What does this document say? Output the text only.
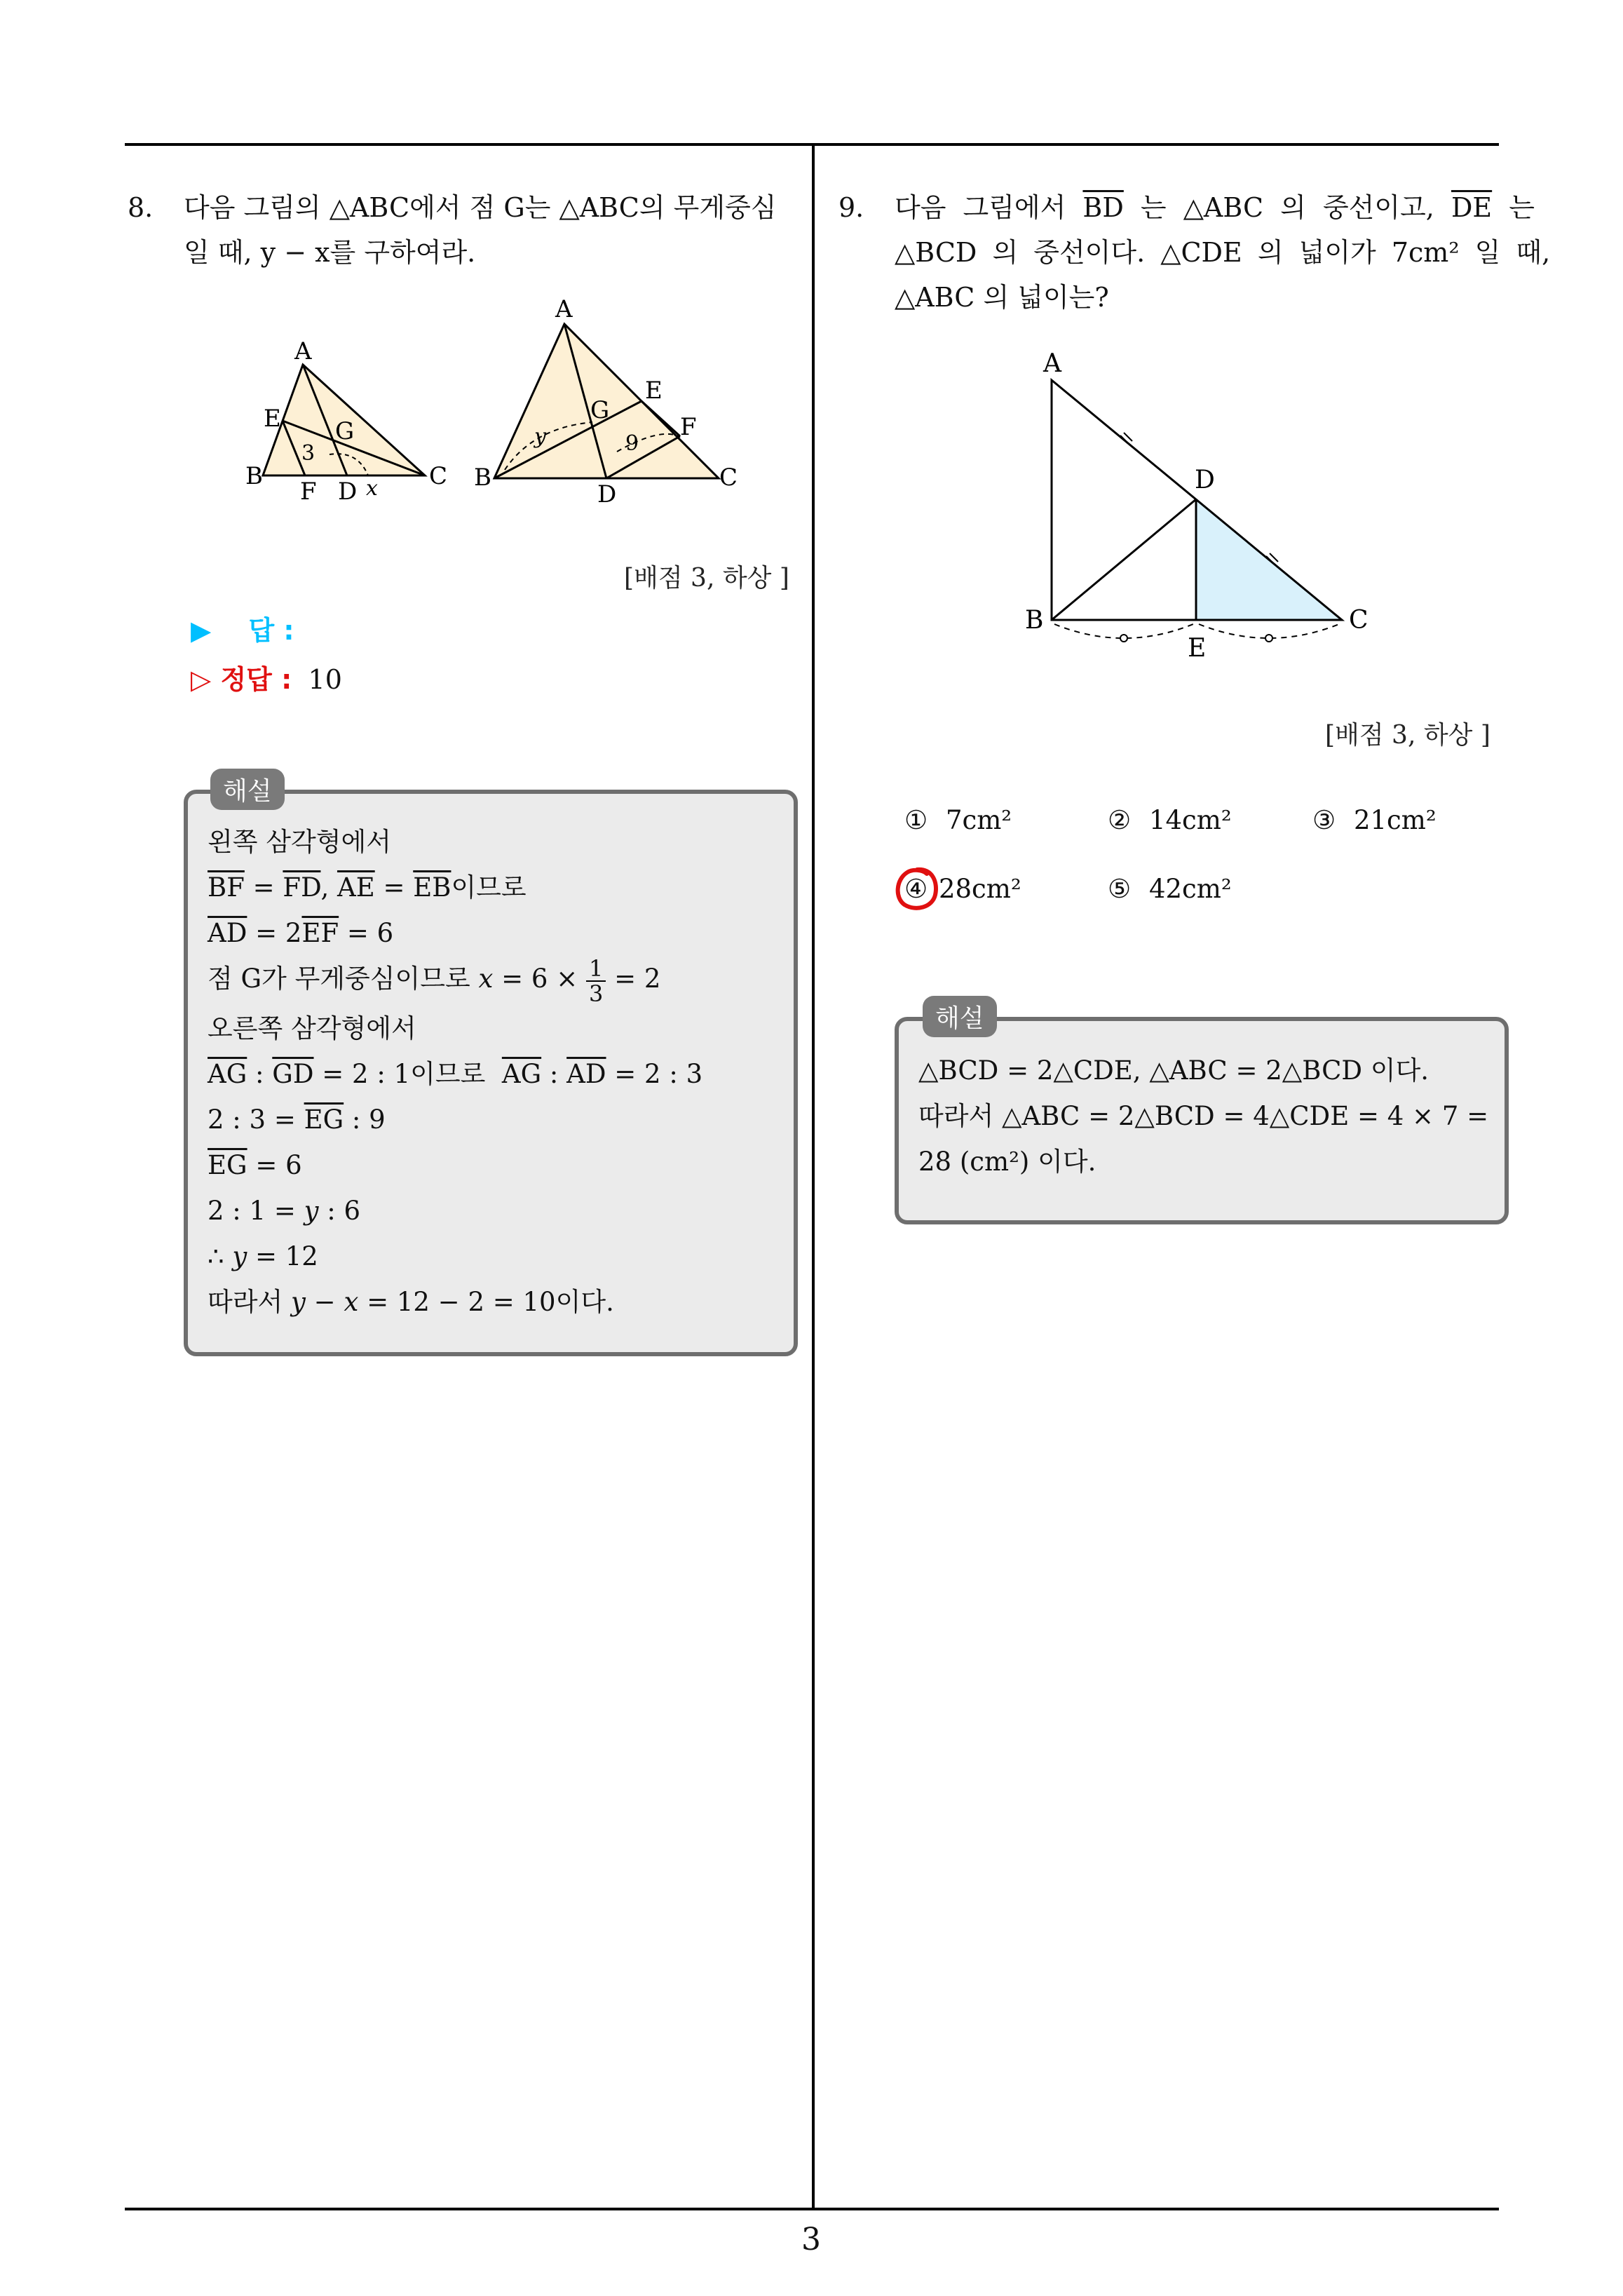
3
8. 다음 그림의 △ABC에서 점 G는 △ABC의 무게중심
일 때, y − x를 구하여라.
A
E G
3
B
F D x C
A
G
E
F
y	9
B
D
C
[배점 3, 하상 ]
▶ 답 :
▷ 정답 : 10
해설
왼쪽 삼각형에서
$\overline{BF} = \overline{FD}$, $\overline{AE} = \overline{EB}$이므로
$\overline{AD} = 2\overline{EF} = 6$
점 G가 무게중심이므로 $x = 6 \times \frac{1}{3} = 2$
오른쪽 삼각형에서
$\overline{AG}$ : $\overline{GD} = 2$ : 1이므로  $\overline{AG}$ : $\overline{AD} = 2$ : 3
2 : $3 = \overline{EG}$ : 9
$\overline{EG} = 6$
2 : 1 = y : 6
∴ y = 12
따라서 y − x = 12 − 2 = 10이다.
9. 다음 그림에서 $\overline{BD}$ 는 △ABC 의 중선이고, $\overline{DE}$ 는
△BCD 의 중선이다. △CDE 의 넓이가 7cm² 일 때,
△ABC 의 넓이는?
A
D
B	C
E
[배점 3, 하상 ]
① 7cm²	② 14cm²	③ 21cm²
④ 28cm²	⑤ 42cm²
해설
△BCD = 2△CDE, △ABC = 2△BCD 이다.
따라서 △ABC = 2△BCD = 4△CDE = 4 × 7 =
28 (cm²) 이다.
